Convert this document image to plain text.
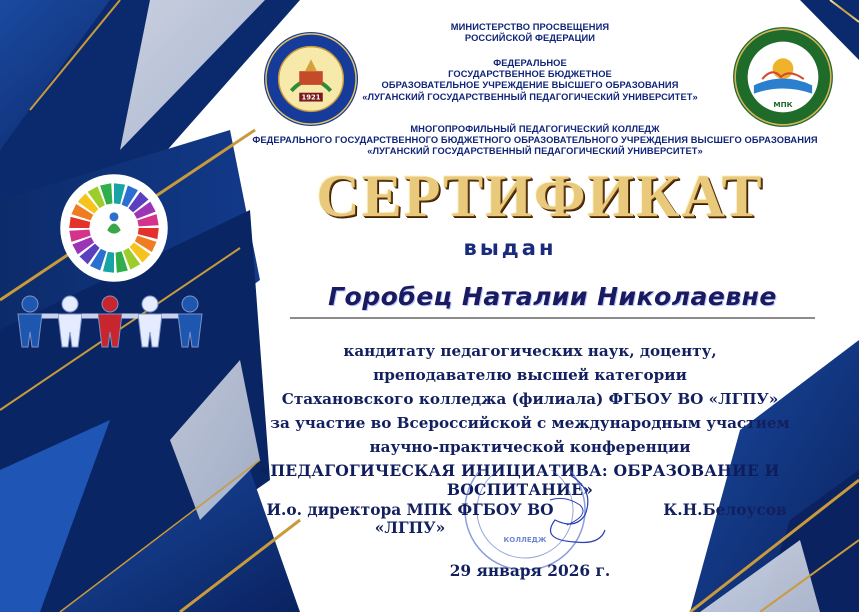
1921
МПК
МИНИСТЕРСТВО ПРОСВЕЩЕНИЯ
РОССИЙСКОЙ ФЕДЕРАЦИИ
ФЕДЕРАЛЬНОЕ
ГОСУДАРСТВЕННОЕ БЮДЖЕТНОЕ
ОБРАЗОВАТЕЛЬНОЕ УЧРЕЖДЕНИЕ ВЫСШЕГО ОБРАЗОВАНИЯ
«ЛУГАНСКИЙ ГОСУДАРСТВЕННЫЙ ПЕДАГОГИЧЕСКИЙ УНИВЕРСИТЕТ»
МНОГОПРОФИЛЬНЫЙ ПЕДАГОГИЧЕСКИЙ КОЛЛЕДЖ
ФЕДЕРАЛЬНОГО ГОСУДАРСТВЕННОГО БЮДЖЕТНОГО ОБРАЗОВАТЕЛЬНОГО УЧРЕЖДЕНИЯ ВЫСШЕГО ОБРАЗОВАНИЯ
«ЛУГАНСКИЙ ГОСУДАРСТВЕННЫЙ ПЕДАГОГИЧЕСКИЙ УНИВЕРСИТЕТ»
СЕРТИФИКАТ
выдан
Горобец Наталии Николаевне
кандитату педагогических наук, доценту,
преподавателю высшей категории
Стахановского колледжа (филиала) ФГБОУ ВО «ЛГПУ»
за участие во Всероссийской с международным участием
научно-практической конференции
«ПЕДАГОГИЧЕСКАЯ ИНИЦИАТИВА: ОБРАЗОВАНИЕ И ВОСПИТАНИЕ»
КОЛЛЕДЖ
И.о. директора МПК ФГБОУ ВО «ЛГПУ»
К.Н.Белоусов
29 января 2026 г.
